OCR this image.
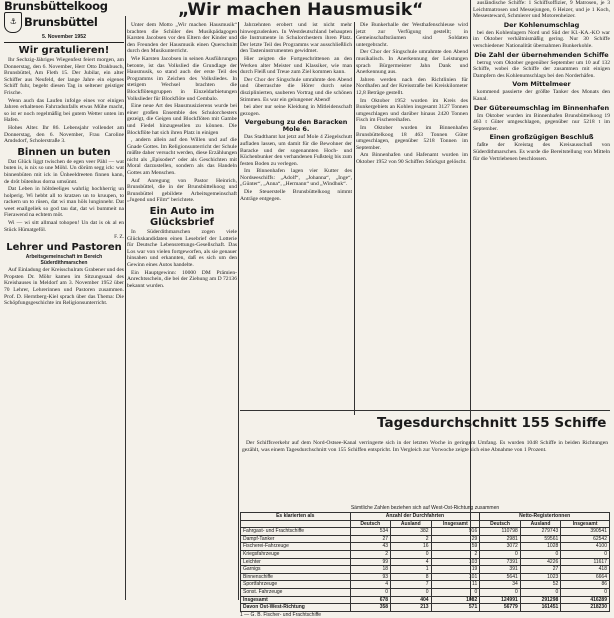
Brunsbüttelkoog
⚓ Brunsbüttel
5. November 1952
Wir gratulieren!

Ihr Sechzig-Jähriges Wiegenfest feiert morgen, am Donnerstag, den 6. November, Herr Otto Drakbusch, Brunsbüttel, Am Fleth 15. Der Jubilar, ein alter Schiffer aus Neufeld, der lange Jahre ein eigenes Schiff fuhr, begeht diesen Tag in seltener geistiger Frische.

Wenn auch das Laufen infolge eines vor einigen Jahren erhaltenen Fahrradunfalls etwas Mühe macht, so ist er noch regelmäßig bei gutem Wetter unten im Hafen.

Hohes Alter. Ihr 86. Lebensjahr vollendet am Donnerstag, den 6. November, Frau Caroline Amdsdorf, Scholerstraße 3.

Binnen un buten

Dat Glück liggt twischen de egen veer Pähl — wat buten is, is nix so une Möhl. Un dörüm segg ick: wat binnenbüten mit ick in Ünheeldreeten finnen kann, de dröt bütenhus dorna umsünnt.

Dat Leben in höltdeeliges wahrlig hochherrig un holperig. Wi hebbt all to kratzen un to kruupen, to rackern un to rüsen, dat wi man höls lunginnehr. Dat weet enallgeliek so god tau dat, dat wi bummeit na Fierawend na echtem möt.

Wi — wi sitt allmaal tohopen! Un dat is ok al en Stück Hümatgeföl.

F. Z.
Lehrer und Pastoren
Arbeitsgemeinschaft im Bereich Süderdithmarschen

Auf Einladung der Kreisschulrats Grabener und des Propsten Dr. Möhr kamen im Sitzungssaal des Kreishauses in Meldorf am 3. November 1952 über 70 Lehrer, Lehrerinnen und Pastoren zusammen. Prof. D. Herntberg-Kiel sprach über das Thema: Die Schöpfungsgeschichte im Religionsunterricht.

„Wir machen Hausmusik“

Unter dem Motto „Wir machen Hausmusik“ brachten die Schüler des Musikpädagogen Karsten Jacobsen vor den Eltern der Kinder und den Freunden der Hausmusik einen Querschnitt durch den Musikunterricht.

Wie Karsten Jacobsen in seinen Ausführungen betonte, ist das Volkslied die Grundlage der Hausmusik, so stand auch der erste Teil des Programms im Zeichen des Volksliedes. In stetigem Wechsel brachten die Blockflötengruppen in Einzeldarbietungen Volkslieder für Blockflöte und Cembalo.

Eine neue Art des Hausmusizierens wurde bei einer großen Ensemble des Schulorchesters gezeigt, die Geigen und Blockflöten mit Gambe und Fiedel hinzugesellen zu können. Die Blockflöte hat sich ihren Platz in einigen

, andern allein auf den Willen und auf die Gnade Gottes. Im Religionsunterricht der Schule müßte daher versucht werden, diese Erzählungen nicht als „Episoden“ oder als Geschichten mit Moral darzustellen, sondern als das Handeln Gottes am Menschen.

Auf Anregung von Pastor Heinrich, Brunsbüttel, die in der Brunsbüttelkoog und Brunsbüttel gebildete Arbeitsgemeinschaft „Jugend und Film“ berichtete.

Ein Auto im Glücksbrief

In Süderdithmarschen zogen viele Glückskandidaten einen Lesebrief der Lotterie für Deutsche Lebensrettungs-Gesellschaft. Das Los war von vielen fortgeworfen, als sie genauer hinsahen und erkannten, daß es sich um den Gewinn eines Autos handelte.

Ein Hauptgewinn: 10000 DM Prämien-Anrechtsschein, die bei der Ziehung am D 72136 bekannt wurden.

Jahrzehnten erobert und ist nicht mehr hinwegzudenken. In Westdeutschland behaupten die Instrumente in Schulorchestern ihren Platz. Der letzte Teil des Programms war ausschließlich den Tasteninstrumenten gewidmet.

Hier zeigten die Fortgeschrittenen an den Werken alter Meister und Klassiker, wie man durch Fleiß und Treue zum Ziel kommen kann.

Der Chor der Singschule umrahmte den Abend und überraschte die Hörer durch seine disziplinierten, sauberen Vortrag und die schönen Stimmen. Es war ein gelungener Abend!

bei aber nur seine Kleidung in Mitleidenschaft gezogen.

Vergebung zu den Baracken Mole 6.

Das Stadthamt hat jetzt auf Mole 4 Ziegelschutt aufladen lassen, um damit für die Bewohner der Baracke und der sogenannten Hoch- und Küchenbunker den verhandenen Fußsteig bis zum festen Boden zu verlegen.

Im Binnenhafen lagen vier Kutter des Nordseeschiffs: „Adolf“, „Johanna“, „Inge“, „Günter“, „Anna“, „Hermann“ und „Windhuk“.

Die Steuerstelle Brunsbüttelkoog nimmt Anträge entgegen.

Die Bunkerhalle der Westhafenschleuse wird jetzt zur Verfügung gestellt; in Gemeinschaftsräumen sind Soldaten untergebracht.

Der Chor der Singschule umrahmte den Abend musikalisch. In Anerkennung der Leistungen sprach Bürgermeister Jahn Dank und Anerkennung aus.

Jahren werden nach den Richtlinien für Nordhafen auf der Kreisstraße bei Kreiskilometer 12,8 Beträge gestellt.

Im Oktober 1952 wurden im Kreis des Bunkergebiets an Kohlen insgesamt 3127 Tonnen umgeschlagen und darüber hinaus 2420 Tonnen Fisch im Fischereihafen.

Im Oktober wurden im Binnenhafen Brunsbüttelkoog 18 463 Tonnen Güter umgeschlagen, gegenüber 5218 Tonnen im September.

Am Binnenhafen und Hafenamt wurden im Oktober 1952 von 90 Schiffen Stückgut gelöscht.

ausländische Schiffe: 1 Schiffsoffizier, 9 Matrosen, je 3 Leichtmatrosen und Messejungen, 6 Heizer, und je 1 Koch, Messesteward, Schmierer und Motorenheizer.

Der Kohlenumschlag

bei den Kohlenlagern Nord und Süd der KI.-KA.-KO war im Oktober verhältnismäßig gering. Nur 30 Schiffe verschiedener Nationalität übernahmen Bunkerkohle.

Die Zahl der übernehmenden Schiffe

betrug vom Oktober gegenüber September um 10 auf 132 Schiffe, wobei die Schiffe der zusammen mit einigen Dampfern des Kohlenumschlags bei den Norderhäfen.

Vom Mittelmeer

kommend passierte der größte Tanker des Monats den Kanal.

Der Gütereumschlag im Binnenhafen

Im Oktober wurden im Binnenhafen Brunsbüttelkoog 19 463 t Güter umgeschlagen, gegenüber nur 5218 t im September.

Einen großzügigen Beschluß

faßte der Kreistag des Kreisausschuß von Süderdithmarschen. Es wurde die Bereitstellung von Mitteln für die Vertriebenen beschlossen.

Tagesdurchschnitt 155 Schiffe

Der Schiffsverkehr auf dem Nord-Ostsee-Kanal verringerte sich in der letzten Woche in geringem Umfang. Es wurden 1048 Schiffe in beiden Richtungen gezählt, was einem Tagesdurchschnitt von 155 Schiffen entspricht. Im Vergleich zur Vorwoche zeigte sich eine Abnahme von 1 Prozent.

Sämtliche Zahlen beziehen sich auf West-Ost-Richtung zusammen
Es klarierten als	Anzahl der Durchfahrten			Netto-Registertonnen		
	Deutsch	Ausland	Insgesamt	Deutsch	Ausland	Insgesamt
Fahrgast- und Frachtschiffe	534	382	916	110798	279743	390541
Dampf-Tanker	27	2	29	2981	59561	62542
Fischerei-Fahrzeuge	43	16	59	3072	1028	4100
Kriegsfahrzeuge	2	0	2	0	0	0
Leichter	99	4	103	7391	4226	11617
Garnigs	18	1	19	391	27	418
Binnenschiffe	93	8	101	5641	1023	6664
Sportfahrzeuge	4	7	11	34	52	86
Sonst. Fahrzeuge	0	0	0	0	0	0
Insgesamt	678	404	1082	124991	291298	416289
Davon Ost-West-Richtung	358	213	571	56779	161451	218230
1 — G. B. Fischer- und Frachtschiffe
